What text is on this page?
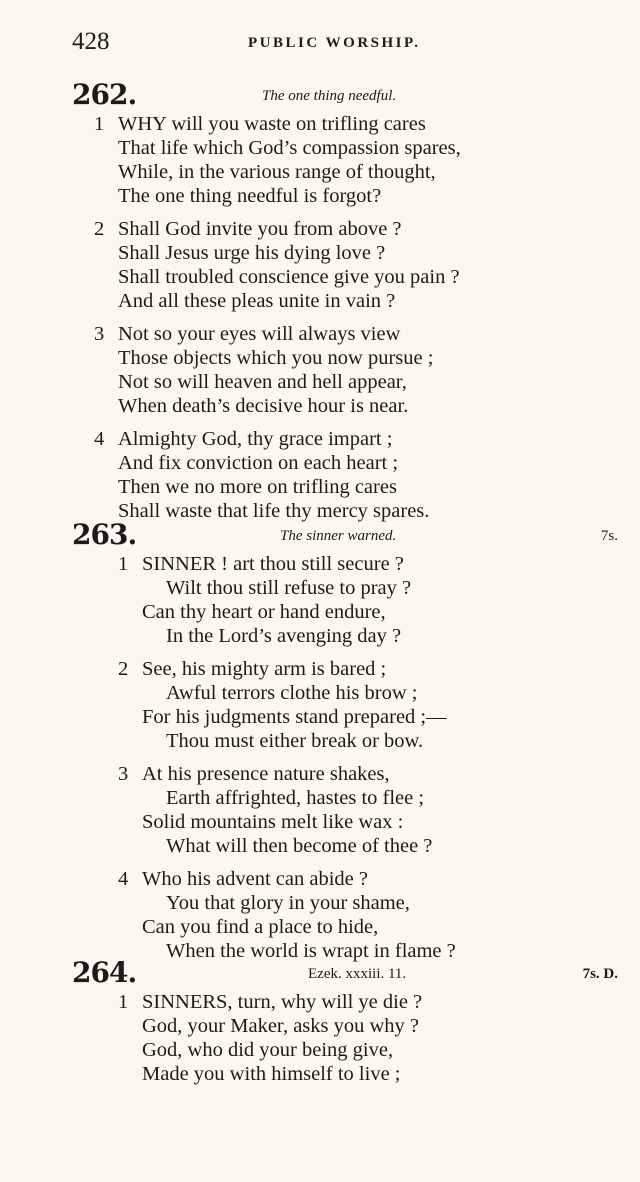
428	PUBLIC WORSHIP.
262.	The one thing needful.
1 WHY will you waste on trifling cares
That life which God’s compassion spares,
While, in the various range of thought,
The one thing needful is forgot?
2 Shall God invite you from above ?
Shall Jesus urge his dying love ?
Shall troubled conscience give you pain ?
And all these pleas unite in vain ?
3 Not so your eyes will always view
Those objects which you now pursue ;
Not so will heaven and hell appear,
When death’s decisive hour is near.
4 Almighty God, thy grace impart ;
And fix conviction on each heart ;
Then we no more on trifling cares
Shall waste that life thy mercy spares.
263.	The sinner warned.	7s.
1 SINNER ! art thou still secure ?
Wilt thou still refuse to pray ?
Can thy heart or hand endure,
In the Lord’s avenging day ?
2 See, his mighty arm is bared ;
Awful terrors clothe his brow ;
For his judgments stand prepared ;—
Thou must either break or bow.
3 At his presence nature shakes,
Earth affrighted, hastes to flee ;
Solid mountains melt like wax :
What will then become of thee ?
4 Who his advent can abide ?
You that glory in your shame,
Can you find a place to hide,
When the world is wrapt in flame ?
264.	Ezek. xxxiii. 11.	7s. D.
1 SINNERS, turn, why will ye die ?
God, your Maker, asks you why ?
God, who did your being give,
Made you with himself to live ;
